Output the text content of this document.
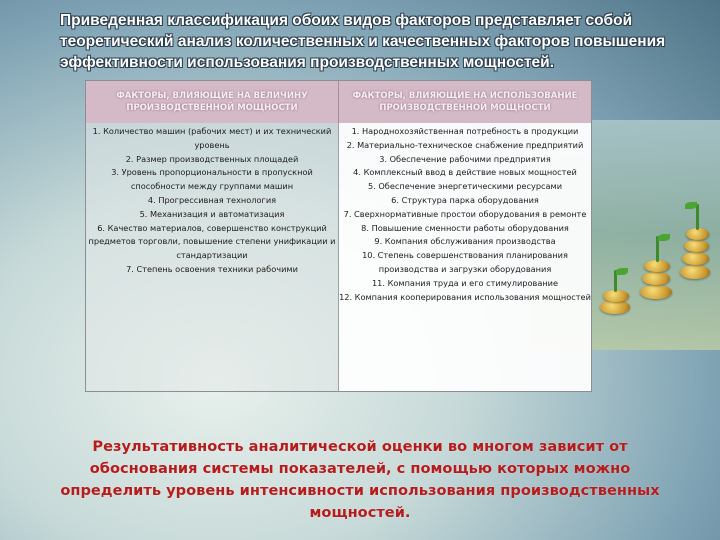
Приведенная классификация обоих видов факторов представляет собой теоретический анализ количественных и качественных факторов повышения эффективности использования производственных мощностей.
ФАКТОРЫ, ВЛИЯЮЩИЕ НА ВЕЛИЧИНУ ПРОИЗВОДСТВЕННОЙ МОЩНОСТИ
ФАКТОРЫ, ВЛИЯЮЩИЕ НА ИСПОЛЬЗОВАНИЕ ПРОИЗВОДСТВЕННОЙ МОЩНОСТИ
1. Количество машин (рабочих мест) и их технический уровень
2. Размер производственных площадей
3. Уровень пропорциональности в пропускной способности между группами машин
4. Прогрессивная технология
5. Механизация и автоматизация
6. Качество материалов, совершенство конструкций предметов торговли, повышение степени унификации и стандартизации
7. Степень освоения техники рабочими
1. Народнохозяйственная потребность в продукции
2. Материально-техническое снабжение предприятий
3. Обеспечение рабочими предприятия
4. Комплексный ввод в действие новых мощностей
5. Обеспечение энергетическими ресурсами
6. Структура парка оборудования
7. Сверхнормативные простои оборудования в ремонте
8. Повышение сменности работы оборудования
9. Компания обслуживания производства
10. Степень совершенствования планирования производства и загрузки оборудования
11. Компания труда и его стимулирование
12. Компания кооперирования использования мощностей
Результативность аналитической оценки во многом зависит от обоснования системы показателей, с помощью которых можно определить уровень интенсивности использования производственных мощностей.
